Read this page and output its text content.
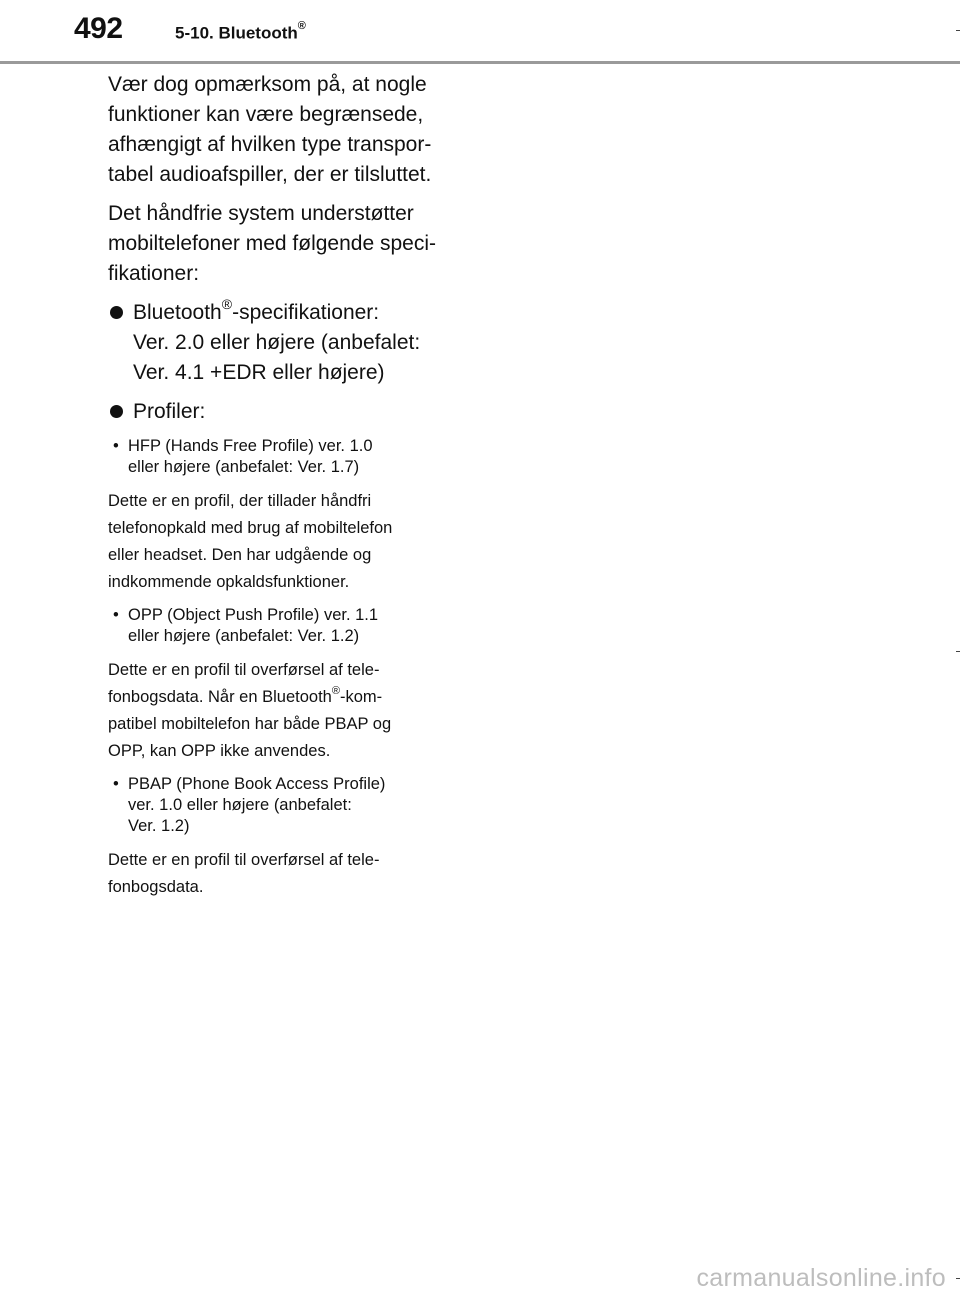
492	5-10. Bluetooth®

Vær dog opmærksom på, at nogle
funktioner kan være begrænsede,
afhængigt af hvilken type transpor-
tabel audioafspiller, der er tilsluttet.

Det håndfrie system understøtter
mobiltelefoner med følgende speci-
fikationer:

Bluetooth®-specifikationer:
Ver. 2.0 eller højere (anbefalet:
Ver. 4.1 +EDR eller højere)
Profiler:
• HFP (Hands Free Profile) ver. 1.0
eller højere (anbefalet: Ver. 1.7)

Dette er en profil, der tillader håndfri
telefonopkald med brug af mobiltelefon
eller headset. Den har udgående og
indkommende opkaldsfunktioner.

• OPP (Object Push Profile) ver. 1.1
eller højere (anbefalet: Ver. 1.2)

Dette er en profil til overførsel af tele-
fonbogsdata. Når en Bluetooth®-kom-
patibel mobiltelefon har både PBAP og
OPP, kan OPP ikke anvendes.

• PBAP (Phone Book Access Profile)
ver. 1.0 eller højere (anbefalet:
Ver. 1.2)

Dette er en profil til overførsel af tele-
fonbogsdata.

carmanualsonline.info
